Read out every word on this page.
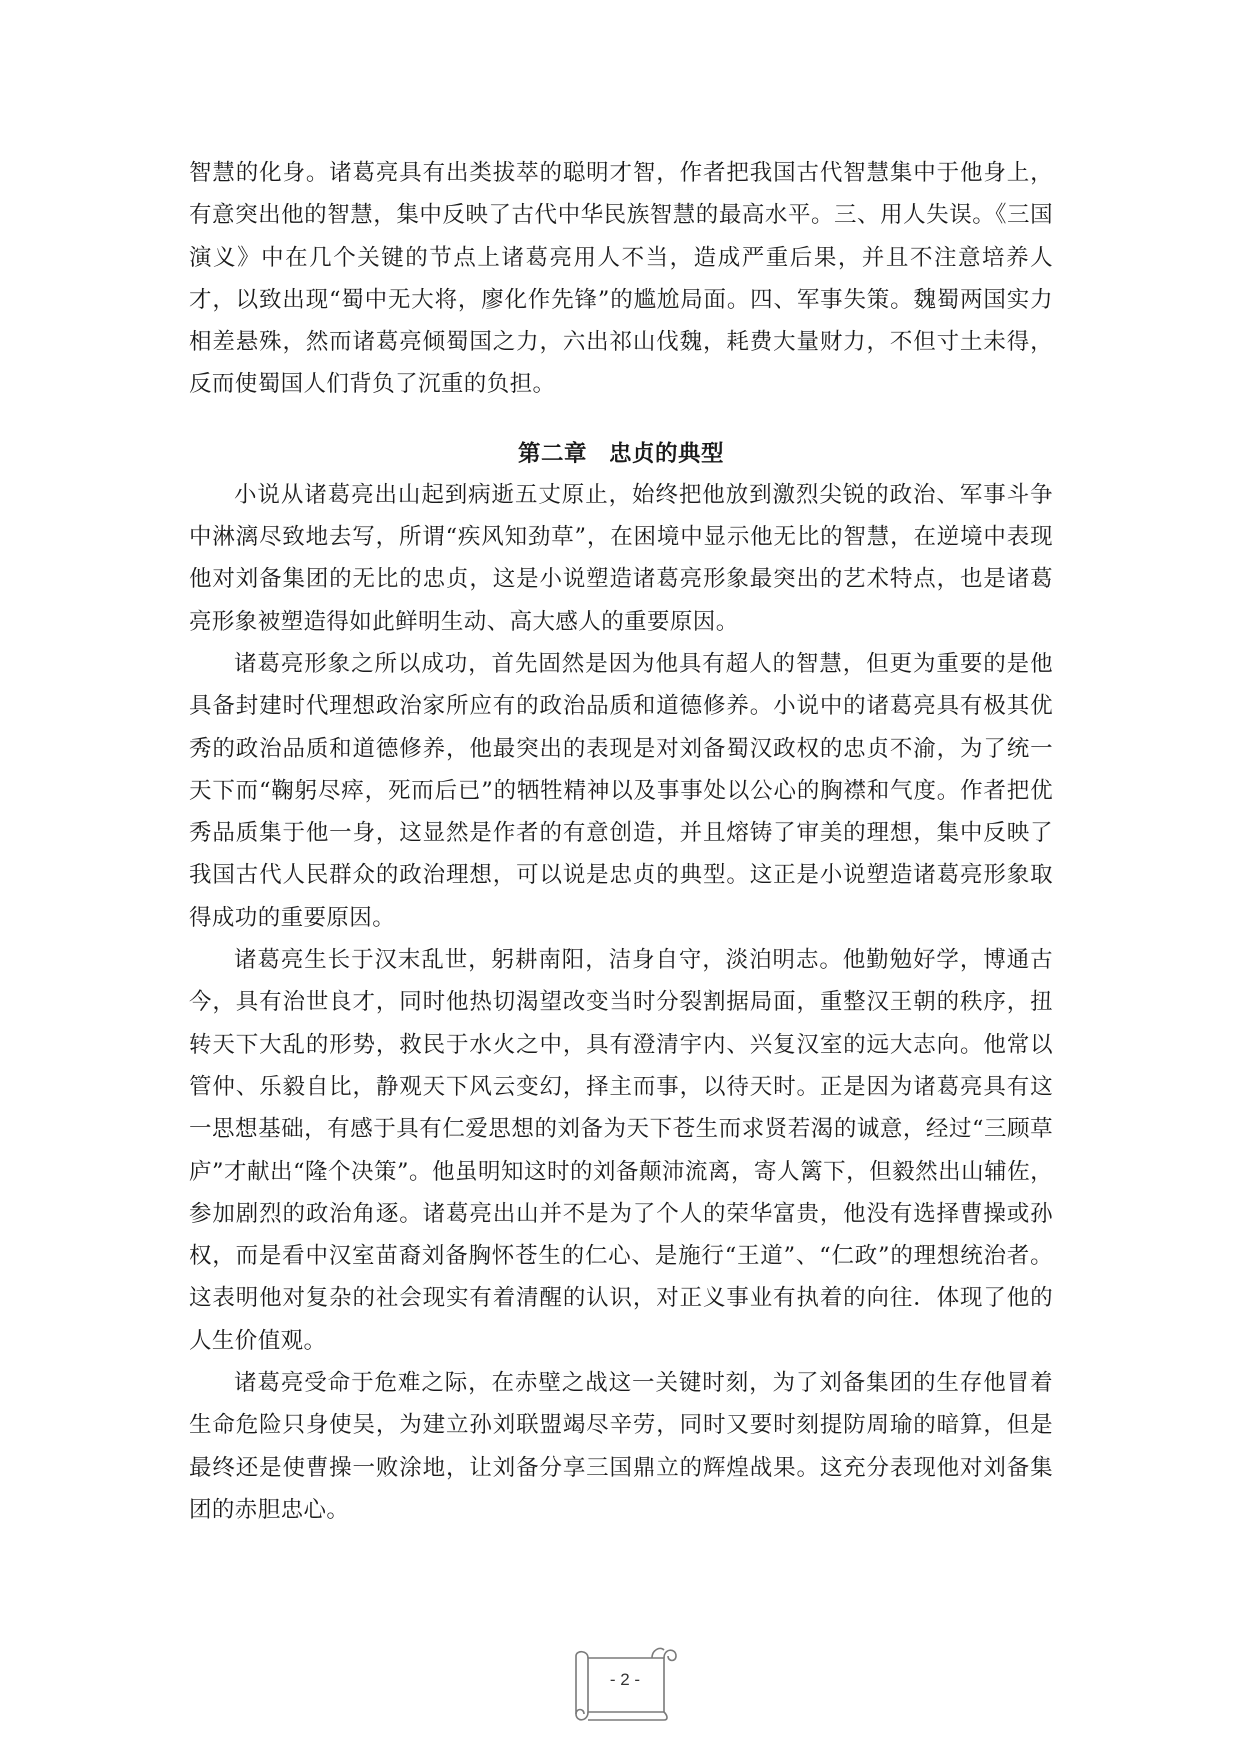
智慧的化身。诸葛亮具有出类拔萃的聪明才智，作者把我国古代智慧集中于他身上，有意突出他的智慧，集中反映了古代中华民族智慧的最高水平。三、用人失误。《三国演义》中在几个关键的节点上诸葛亮用人不当，造成严重后果，并且不注意培养人才，以致出现“蜀中无大将，廖化作先锋”的尴尬局面。四、军事失策。魏蜀两国实力相差悬殊，然而诸葛亮倾蜀国之力，六出祁山伐魏，耗费大量财力，不但寸土未得，反而使蜀国人们背负了沉重的负担。

第二章 忠贞的典型

小说从诸葛亮出山起到病逝五丈原止，始终把他放到激烈尖锐的政治、军事斗争中淋漓尽致地去写，所谓“疾风知劲草”，在困境中显示他无比的智慧，在逆境中表现他对刘备集团的无比的忠贞，这是小说塑造诸葛亮形象最突出的艺术特点，也是诸葛亮形象被塑造得如此鲜明生动、高大感人的重要原因。

诸葛亮形象之所以成功，首先固然是因为他具有超人的智慧，但更为重要的是他具备封建时代理想政治家所应有的政治品质和道德修养。小说中的诸葛亮具有极其优秀的政治品质和道德修养，他最突出的表现是对刘备蜀汉政权的忠贞不渝，为了统一天下而“鞠躬尽瘁，死而后已”的牺牲精神以及事事处以公心的胸襟和气度。作者把优秀品质集于他一身，这显然是作者的有意创造，并且熔铸了审美的理想，集中反映了我国古代人民群众的政治理想，可以说是忠贞的典型。这正是小说塑造诸葛亮形象取得成功的重要原因。

诸葛亮生长于汉末乱世，躬耕南阳，洁身自守，淡泊明志。他勤勉好学，博通古今，具有治世良才，同时他热切渴望改变当时分裂割据局面，重整汉王朝的秩序，扭转天下大乱的形势，救民于水火之中，具有澄清宇内、兴复汉室的远大志向。他常以管仲、乐毅自比，静观天下风云变幻，择主而事，以待天时。正是因为诸葛亮具有这一思想基础，有感于具有仁爱思想的刘备为天下苍生而求贤若渴的诚意，经过“三顾草庐”才献出“隆个决策”。他虽明知这时的刘备颠沛流离，寄人篱下，但毅然出山辅佐，参加剧烈的政治角逐。诸葛亮出山并不是为了个人的荣华富贵，他没有选择曹操或孙权，而是看中汉室苗裔刘备胸怀苍生的仁心、是施行“王道”、“仁政”的理想统治者。这表明他对复杂的社会现实有着清醒的认识，对正义事业有执着的向往．体现了他的人生价值观。

诸葛亮受命于危难之际，在赤壁之战这一关键时刻，为了刘备集团的生存他冒着生命危险只身使吴，为建立孙刘联盟竭尽辛劳，同时又要时刻提防周瑜的暗算，但是最终还是使曹操一败涂地，让刘备分享三国鼎立的辉煌战果。这充分表现他对刘备集团的赤胆忠心。

- 2 -
